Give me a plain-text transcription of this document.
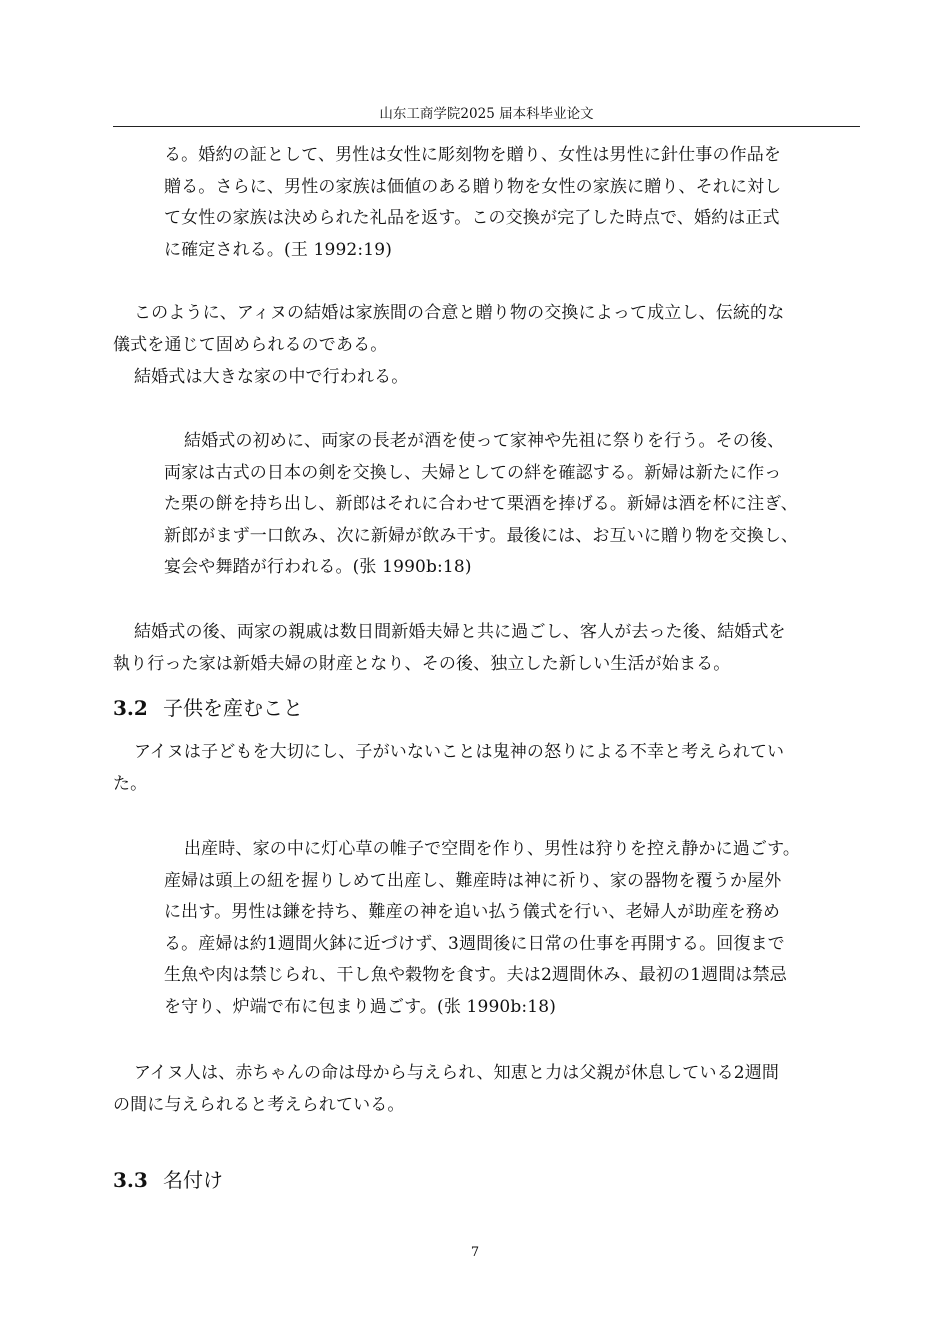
山东工商学院2025 届本科毕业论文
る。婚約の証として、男性は女性に彫刻物を贈り、女性は男性に針仕事の作品を
贈る。さらに、男性の家族は価値のある贈り物を女性の家族に贈り、それに対し
て女性の家族は決められた礼品を返す。この交換が完了した時点で、婚約は正式
に確定される。(王 1992:19)
このように、アィヌの結婚は家族間の合意と贈り物の交換によって成立し、伝統的な
儀式を通じて固められるのである。
結婚式は大きな家の中で行われる。
結婚式の初めに、両家の長老が酒を使って家神や先祖に祭りを行う。その後、
両家は古式の日本の剣を交換し、夫婦としての絆を確認する。新婦は新たに作っ
た栗の餅を持ち出し、新郎はそれに合わせて栗酒を捧げる。新婦は酒を杯に注ぎ、
新郎がまず一口飲み、次に新婦が飲み干す。最後には、お互いに贈り物を交換し、
宴会や舞踏が行われる。(张 1990b:18)
結婚式の後、両家の親戚は数日間新婚夫婦と共に過ごし、客人が去った後、結婚式を
執り行った家は新婚夫婦の財産となり、その後、独立した新しい生活が始まる。
3.2 子供を産むこと
アイヌは子どもを大切にし、子がいないことは鬼神の怒りによる不幸と考えられてい
た。
出産時、家の中に灯心草の帷子で空間を作り、男性は狩りを控え静かに過ごす。
産婦は頭上の紐を握りしめて出産し、難産時は神に祈り、家の器物を覆うか屋外
に出す。男性は鎌を持ち、難産の神を追い払う儀式を行い、老婦人が助産を務め
る。産婦は約1週間火鉢に近づけず、3週間後に日常の仕事を再開する。回復まで
生魚や肉は禁じられ、干し魚や穀物を食す。夫は2週間休み、最初の1週間は禁忌
を守り、炉端で布に包まり過ごす。(张 1990b:18)
アイヌ人は、赤ちゃんの命は母から与えられ、知恵と力は父親が休息している2週間
の間に与えられると考えられている。
3.3 名付け
7
